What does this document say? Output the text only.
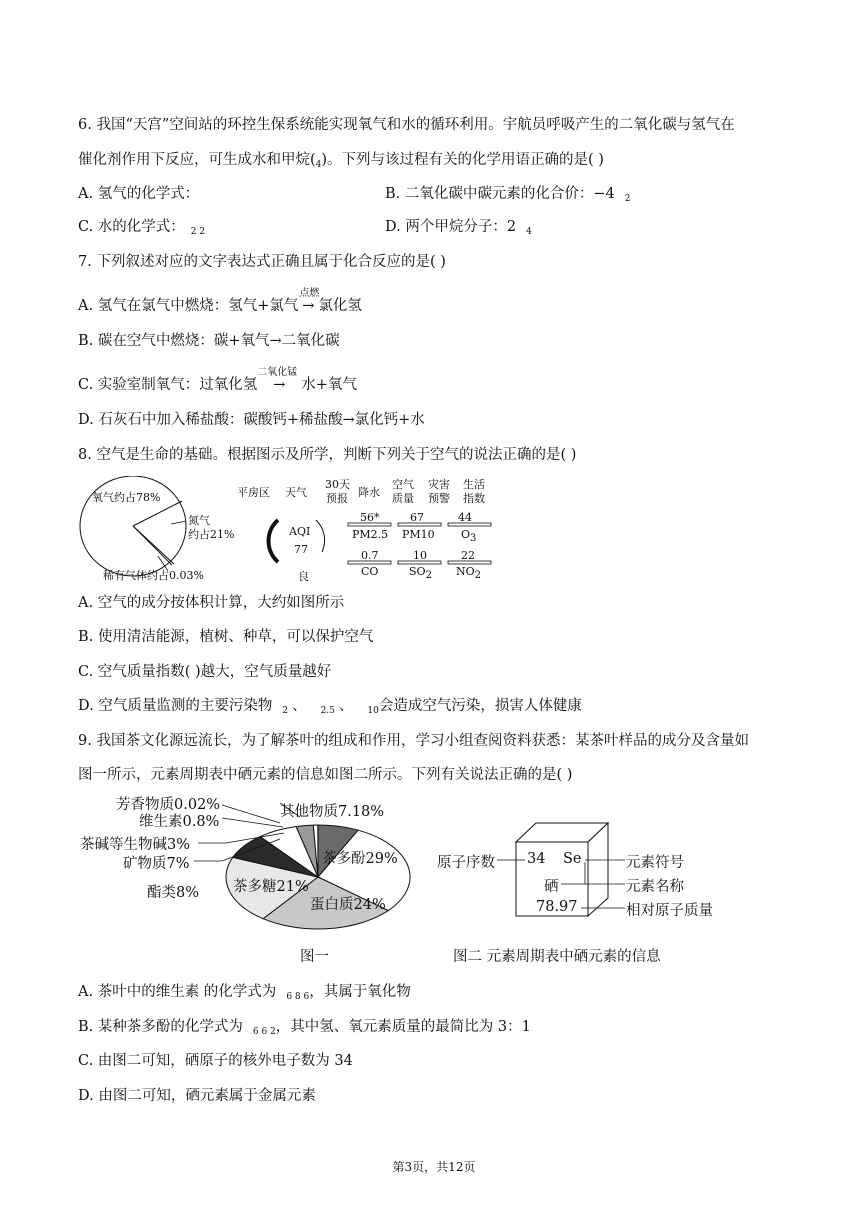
6. 我国“天宫”空间站的环控生保系统能实现氧气和水的循环利用。宇航员呼吸产生的二氧化碳与氢气在
催化剂作用下反应，可生成水和甲烷$(_4)$。下列与该过程有关的化学用语正确的是( )
A. 氢气的化学式：	B. 二氧化碳中碳元素的化合价：−4 $_2$
C. 水的化学式： $_{2 2}$	D. 两个甲烷分子：2 $_4$
7. 下列叙述对应的文字表达式正确且属于化合反应的是( )
A. 氢气在氯气中燃烧：氢气+氯气
点燃
→ 氯化氢
B. 碳在空气中燃烧：碳+氧气→二氧化碳
C. 实验室制氧气：过氧化氢
二氧化锰
→ 水+氧气
D. 石灰石中加入稀盐酸：碳酸钙+稀盐酸→氯化钙+水
8. 空气是生命的基础。根据图示及所学，判断下列关于空气的说法正确的是( )
氧气约占78%
氮气
约占21%
稀有气体约占0.03%
平房区 天气
30天
预报 降水
空气
质量
灾害
预警
生活
指数
AQI
77
良
56*
PM2.5
67
PM10
44
O3
0.7
CO
10
SO2
22
NO2
A. 空气的成分按体积计算，大约如图所示
B. 使用清洁能源，植树、种草，可以保护空气
C. 空气质量指数( )越大，空气质量越好
D. 空气质量监测的主要污染物 $_2$ 、 $_{2.5}$ 、 $_{10}$会造成空气污染，损害人体健康
9. 我国茶文化源远流长，为了解茶叶的组成和作用，学习小组查阅资料获悉：某茶叶样品的成分及含量如
图一所示，元素周期表中硒元素的信息如图二所示。下列有关说法正确的是( )
茶多酚29%
蛋白质24%
茶多糖21%
酯类8%
矿物质7%
茶碱等生物碱3%
维生素0.8%
芳香物质0.02%	其他物质7.18%
图一
34 Se
硒
78.97
原子序数	元素符号
元素名称
相对原子质量
图二 元素周期表中硒元素的信息
A. 茶叶中的维生素 的化学式为 $_{6 8 6}$，其属于氧化物
B. 某种茶多酚的化学式为 $_{6 6 2}$，其中氢、氧元素质量的最简比为 3：1
C. 由图二可知，硒原子的核外电子数为 34
D. 由图二可知，硒元素属于金属元素
第3页，共12页
